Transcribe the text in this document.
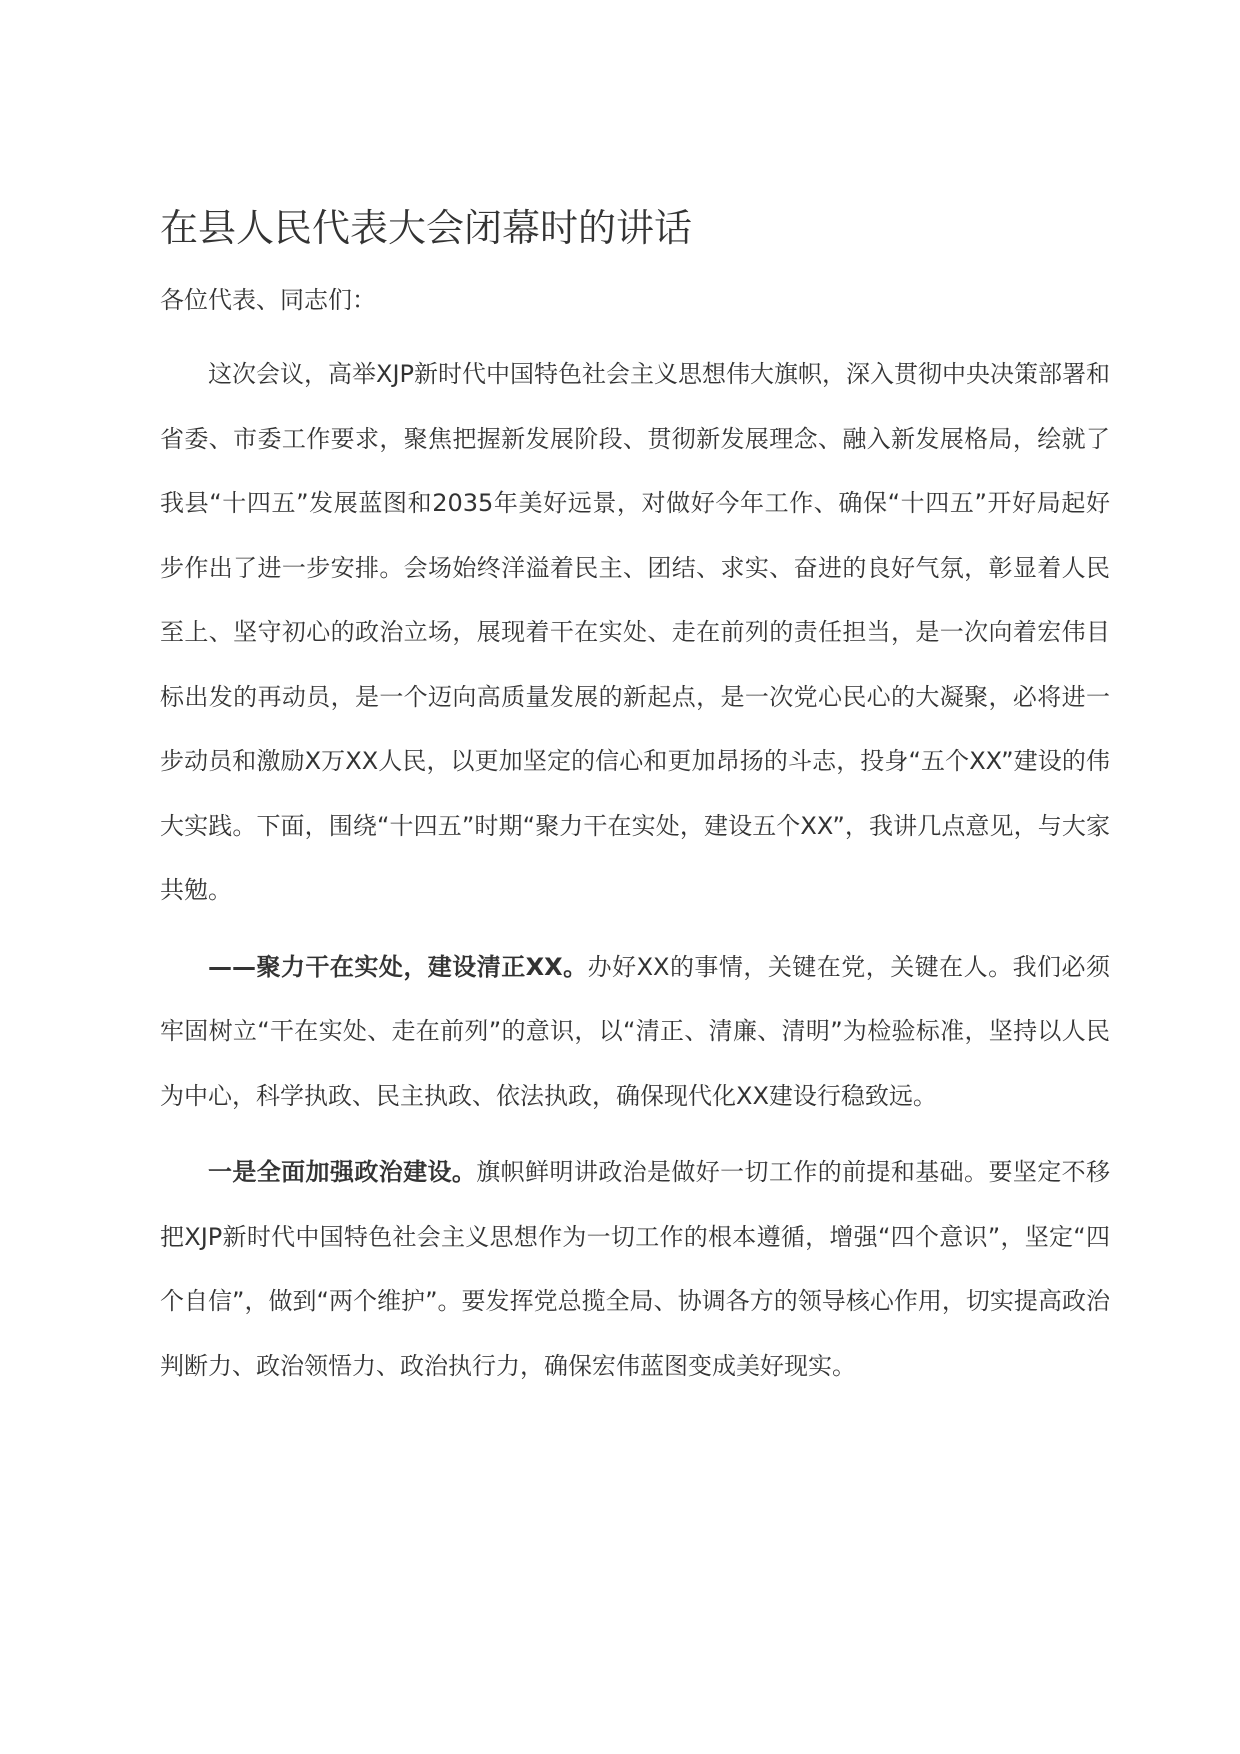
在县人民代表大会闭幕时的讲话

各位代表、同志们：

这次会议，高举XJP新时代中国特色社会主义思想伟大旗帜，深入贯彻中央决策部署和省委、市委工作要求，聚焦把握新发展阶段、贯彻新发展理念、融入新发展格局，绘就了我县“十四五”发展蓝图和2035年美好远景，对做好今年工作、确保“十四五”开好局起好步作出了进一步安排。会场始终洋溢着民主、团结、求实、奋进的良好气氛，彰显着人民至上、坚守初心的政治立场，展现着干在实处、走在前列的责任担当，是一次向着宏伟目标出发的再动员，是一个迈向高质量发展的新起点，是一次党心民心的大凝聚，必将进一步动员和激励X万XX人民，以更加坚定的信心和更加昂扬的斗志，投身“五个XX”建设的伟大实践。下面，围绕“十四五”时期“聚力干在实处，建设五个XX”，我讲几点意见，与大家共勉。

——聚力干在实处，建设清正XX。办好XX的事情，关键在党，关键在人。我们必须牢固树立“干在实处、走在前列”的意识，以“清正、清廉、清明”为检验标准，坚持以人民为中心，科学执政、民主执政、依法执政，确保现代化XX建设行稳致远。

一是全面加强政治建设。旗帜鲜明讲政治是做好一切工作的前提和基础。要坚定不移把XJP新时代中国特色社会主义思想作为一切工作的根本遵循，增强“四个意识”，坚定“四个自信”，做到“两个维护”。要发挥党总揽全局、协调各方的领导核心作用，切实提高政治判断力、政治领悟力、政治执行力，确保宏伟蓝图变成美好现实。
